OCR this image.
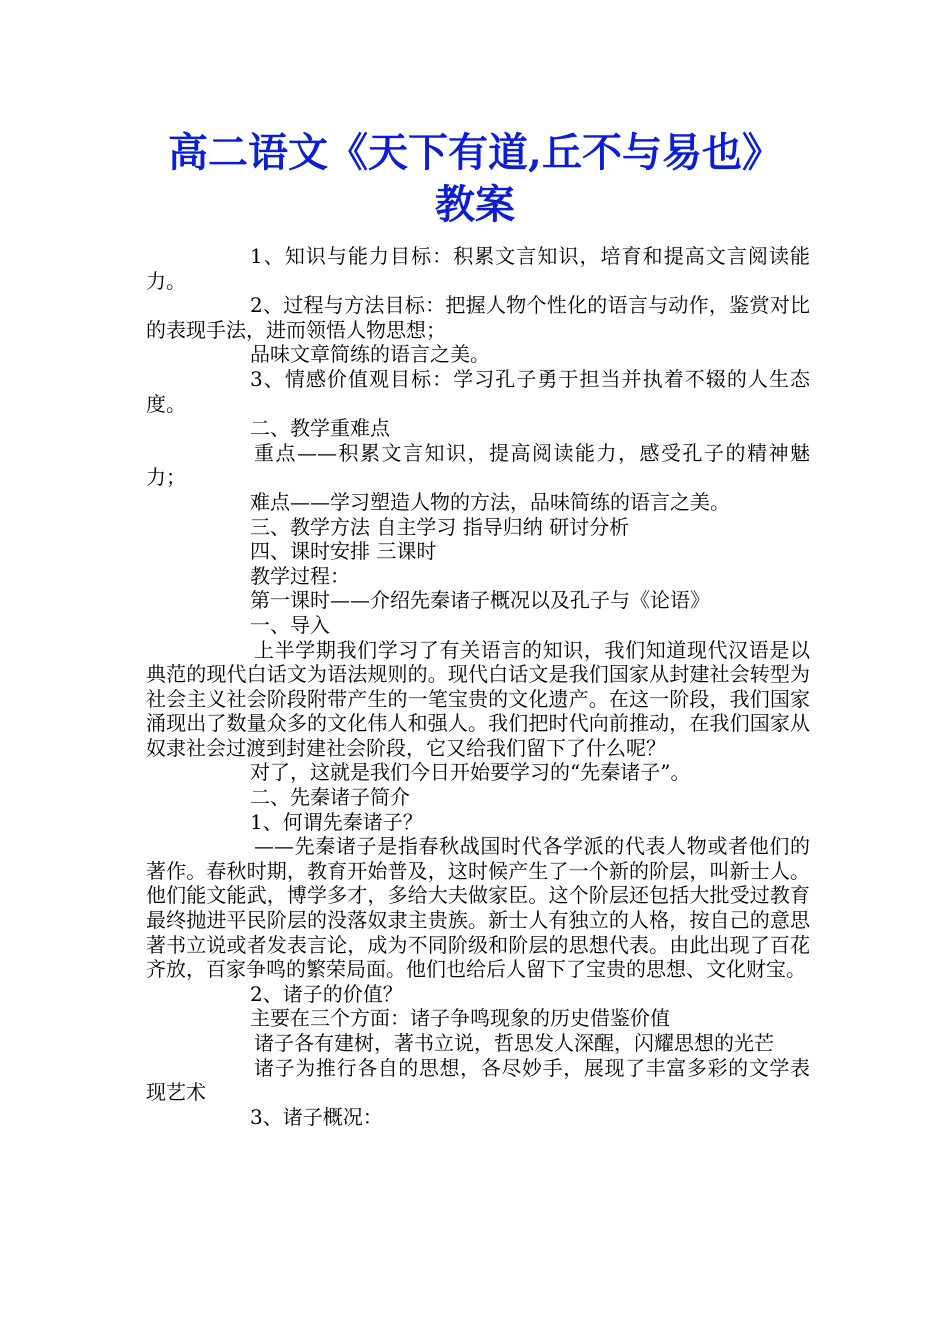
高二语文《天下有道,丘不与易也》
教案

1、知识与能力目标：积累文言知识，培育和提高文言阅读能力。

2、过程与方法目标：把握人物个性化的语言与动作，鉴赏对比的表现手法，进而领悟人物思想；

品味文章简练的语言之美。

3、情感价值观目标：学习孔子勇于担当并执着不辍的人生态度。

二、教学重难点

重点——积累文言知识，提高阅读能力，感受孔子的精神魅力；

难点——学习塑造人物的方法，品味简练的语言之美。

三、教学方法 自主学习 指导归纳 研讨分析

四、课时安排 三课时

教学过程：

第一课时——介绍先秦诸子概况以及孔子与《论语》

一、导入

上半学期我们学习了有关语言的知识，我们知道现代汉语是以典范的现代白话文为语法规则的。现代白话文是我们国家从封建社会转型为社会主义社会阶段附带产生的一笔宝贵的文化遗产。在这一阶段，我们国家涌现出了数量众多的文化伟人和强人。我们把时代向前推动，在我们国家从奴隶社会过渡到封建社会阶段，它又给我们留下了什么呢？

对了，这就是我们今日开始要学习的“先秦诸子”。

二、先秦诸子简介

1、何谓先秦诸子？

——先秦诸子是指春秋战国时代各学派的代表人物或者他们的著作。春秋时期，教育开始普及，这时候产生了一个新的阶层，叫新士人。他们能文能武，博学多才，多给大夫做家臣。这个阶层还包括大批受过教育最终抛进平民阶层的没落奴隶主贵族。新士人有独立的人格，按自己的意思著书立说或者发表言论，成为不同阶级和阶层的思想代表。由此出现了百花齐放，百家争鸣的繁荣局面。他们也给后人留下了宝贵的思想、文化财宝。

2、诸子的价值？

主要在三个方面：诸子争鸣现象的历史借鉴价值

诸子各有建树，著书立说，哲思发人深醒，闪耀思想的光芒

诸子为推行各自的思想，各尽妙手，展现了丰富多彩的文学表现艺术

3、诸子概况：
